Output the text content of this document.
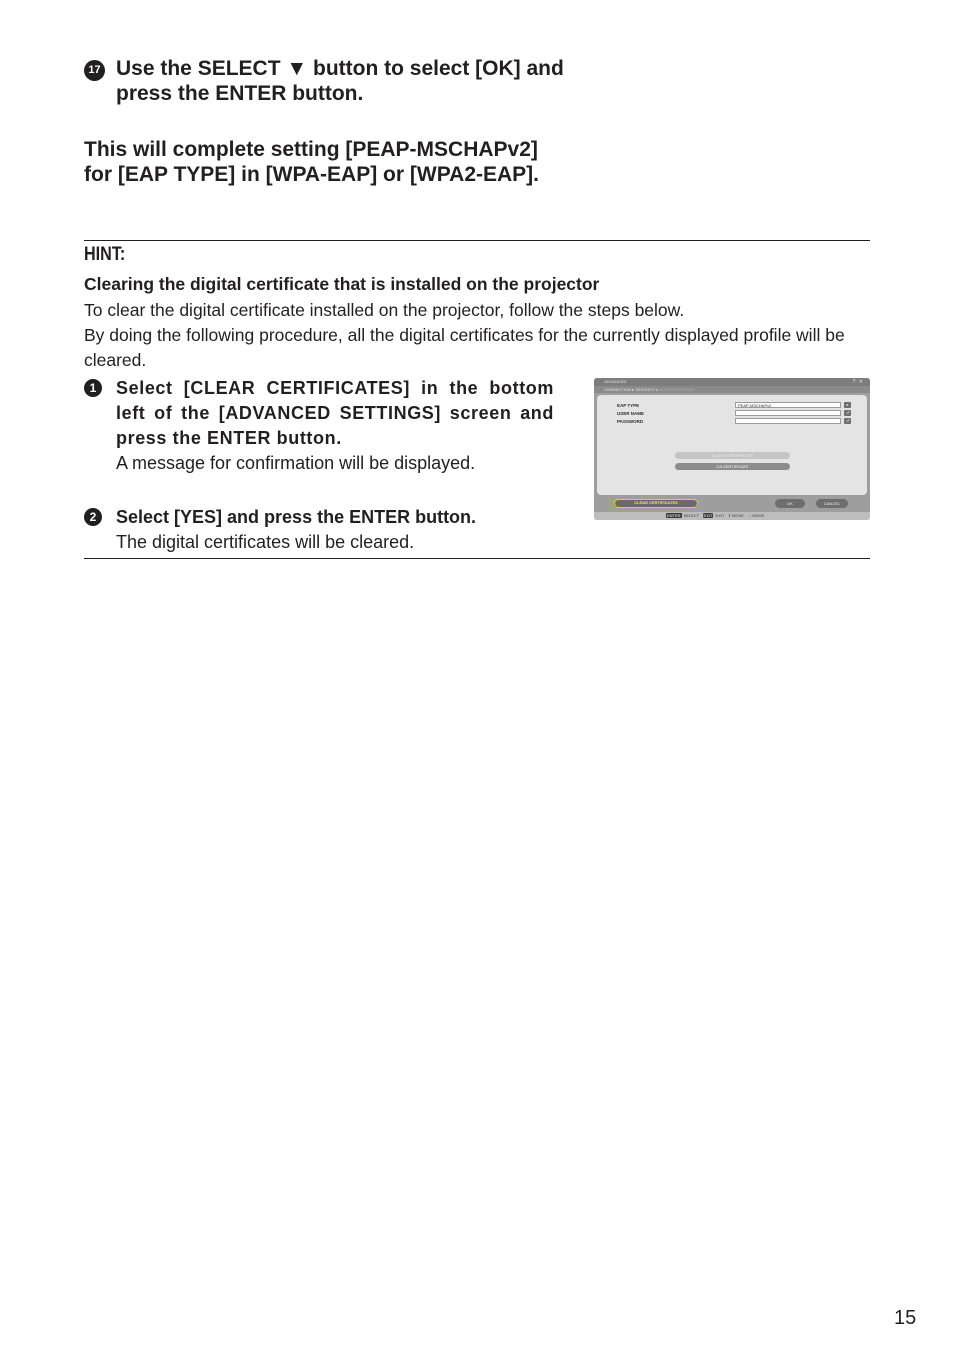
17 Use the SELECT ▼ button to select [OK] and press the ENTER button.
This will complete setting [PEAP-MSCHAPv2] for [EAP TYPE] in [WPA-EAP] or [WPA2-EAP].
HINT:
Clearing the digital certificate that is installed on the projector

To clear the digital certificate installed on the projector, follow the steps below.

By doing the following procedure, all the digital certificates for the currently displayed profile will be cleared.

1	Select [CLEAR CERTIFICATES] in the bottom left of the [ADVANCED SETTINGS] screen and press the ENTER button.
A message for confirmation will be displayed.
2	Select [YES] and press the ENTER button.
The digital certificates will be cleared.
ADVANCED	? ✕
CONNECTION ▸ SECURITY ▸ AUTHENTICATION
EAP TYPE	PEAP-MSCHAPv2	▸
USER NAME	⏎
PASSWORD	⏎
CLIENT CERTIFICATE
CA CERTIFICATE
CLEAR CERTIFICATES	OK	CANCEL
ENTER SELECT EXIT EXIT ⇕ MOVE ⇔ MOVE
15
